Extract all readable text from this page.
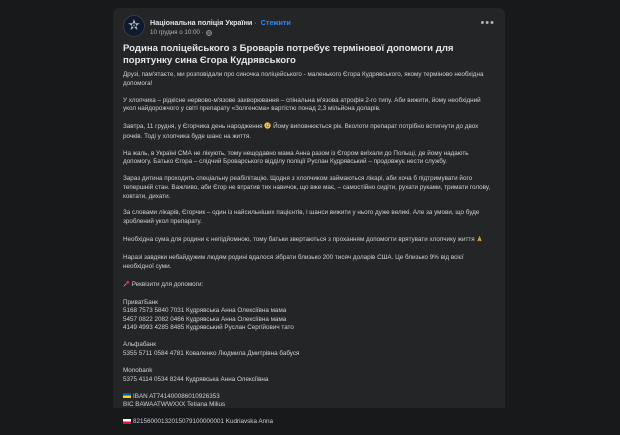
Національна поліція України · Стежити
10 грудня о 10:00 ·
•••
Родина поліцейського з Броварів потребує термінової допомоги для порятунку сина Єгора Кудрявського
Друзі, пам'ятаєте, ми розповідали про синочка поліцейського - маленького Єгора Кудрявського, якому терміново необхідна допомога!
У хлопчика – рідкісне нервово-м'язове захворювання – спінальна м'язова атрофія 2-го типу. Аби вижити, йому необхідний укол найдорожчого у світі препарату «Золгенсма» вартістю понад 2,3 мільйона доларів.
Завтра, 11 грудня, у Єгорчика день народження Йому виповнюється рік. Вколоти препарат потрібно встигнути до двох рочків. Тоді у хлопчика буде шанс на життя.
На жаль, в Україні СМА не лікують, тому нещодавно мама Анна разом із Єгором виїхали до Польщі, де йому надають допомогу. Батько Єгора – слідчий Броварського відділу поліції Руслан Кудрявський – продовжує нести службу.
Зараз дитина проходить спеціальну реабілітацію. Щодня з хлопчиком займаються лікарі, аби хоча б підтримувати його тепершній стан. Важливо, аби Єгор не втратив тих навичок, що вже має, – самостійно сидіти, рухати руками, тримати голову, ковтати, дихати.
За словами лікарів, Єгорчик – один із найсильніших пацієнтів, і шанси вижити у нього дуже великі. Але за умови, що буде зроблений укол препарату.
Необхідна сума для родини є непідйомною, тому батьки звертаються з проханням допомогти врятувати хлопчику життя
Наразі завдяки небайдужим людям родині вдалося зібрати близько 200 тисяч доларів США. Це близько 9% від всієї необхідної суми.
Реквізити для допомоги:
ПриватБанк
5168 7573 5840 7031 Кудрявська Анна Олексіївна мама
5457 0822 2082 0466 Кудрявська Анна Олексіївна мама
4149 4993 4285 8485 Кудрявський Руслан Сергійович тато
Альфабанк
5355 5711 0584 4781 Коваленко Людмила Дмитрівна бабуся
Monobank
5375 4114 0534 8244 Кудрявська Анна Олексіївна
IBAN AT741400086010926353
BIC BAWAATWWXXX Tetiana Milius
82156000132015079100000001 Kudriavska Anna
